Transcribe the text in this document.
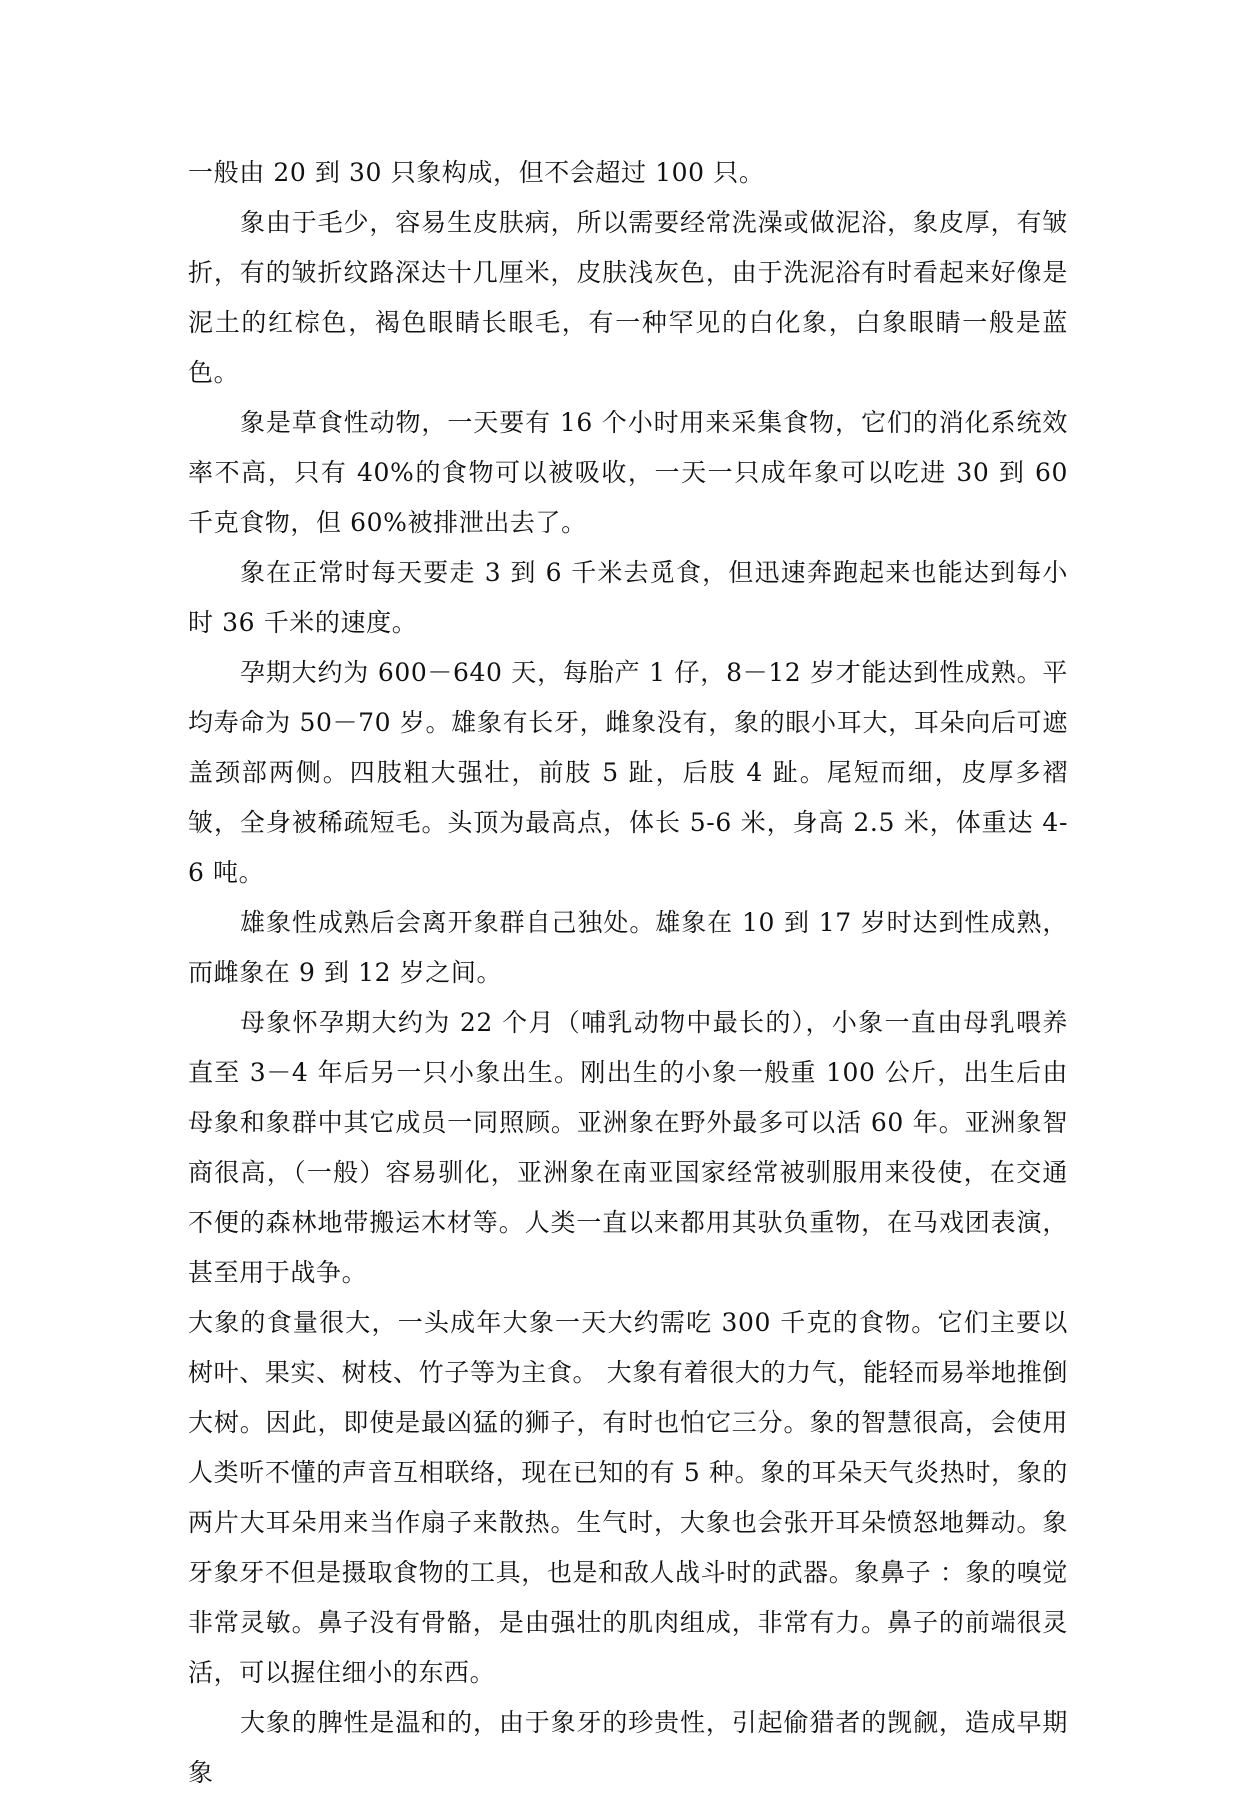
一般由 20 到 30 只象构成，但不会超过 100 只。

象由于毛少，容易生皮肤病，所以需要经常洗澡或做泥浴，象皮厚，有皱折，有的皱折纹路深达十几厘米，皮肤浅灰色，由于洗泥浴有时看起来好像是泥土的红棕色，褐色眼睛长眼毛，有一种罕见的白化象，白象眼睛一般是蓝色。

象是草食性动物，一天要有 16 个小时用来采集食物，它们的消化系统效率不高，只有 40%的食物可以被吸收，一天一只成年象可以吃进 30 到 60 千克食物，但 60%被排泄出去了。

象在正常时每天要走 3 到 6 千米去觅食，但迅速奔跑起来也能达到每小时 36 千米的速度。

孕期大约为 600－640 天，每胎产 1 仔，8－12 岁才能达到性成熟。平均寿命为 50－70 岁。雄象有长牙，雌象没有，象的眼小耳大，耳朵向后可遮盖颈部两侧。四肢粗大强壮，前肢 5 趾，后肢 4 趾。尾短而细，皮厚多褶皱，全身被稀疏短毛。头顶为最高点，体长 5-6 米，身高 2.5 米，体重达 4-6 吨。

雄象性成熟后会离开象群自己独处。雄象在 10 到 17 岁时达到性成熟，而雌象在 9 到 12 岁之间。

母象怀孕期大约为 22 个月（哺乳动物中最长的），小象一直由母乳喂养直至 3－4 年后另一只小象出生。刚出生的小象一般重 100 公斤，出生后由母象和象群中其它成员一同照顾。亚洲象在野外最多可以活 60 年。亚洲象智商很高，（一般）容易驯化，亚洲象在南亚国家经常被驯服用来役使，在交通不便的森林地带搬运木材等。人类一直以来都用其驮负重物，在马戏团表演，甚至用于战争。

大象的食量很大，一头成年大象一天大约需吃 300 千克的食物。它们主要以树叶、果实、树枝、竹子等为主食。 大象有着很大的力气，能轻而易举地推倒大树。因此，即使是最凶猛的狮子，有时也怕它三分。象的智慧很高，会使用人类听不懂的声音互相联络，现在已知的有 5 种。象的耳朵天气炎热时，象的两片大耳朵用来当作扇子来散热。生气时，大象也会张开耳朵愤怒地舞动。象牙象牙不但是摄取食物的工具，也是和敌人战斗时的武器。象鼻子 ：象的嗅觉非常灵敏。鼻子没有骨骼，是由强壮的肌肉组成，非常有力。鼻子的前端很灵活，可以握住细小的东西。

大象的脾性是温和的，由于象牙的珍贵性，引起偷猎者的觊觎，造成早期象
